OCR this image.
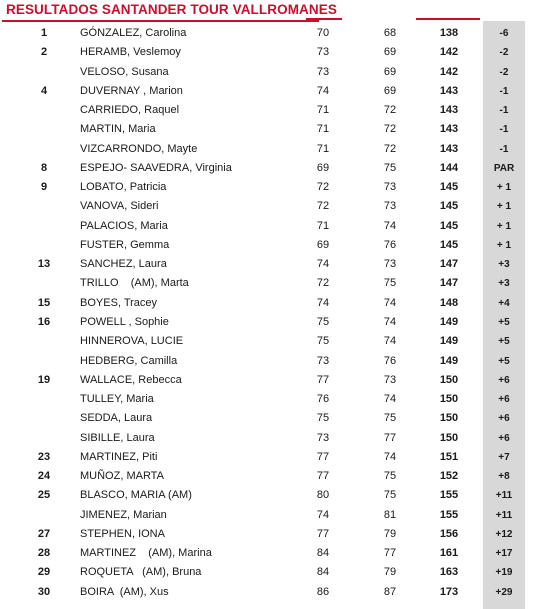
RESULTADOS SANTANDER TOUR VALLROMANES
1	GÓNZALEZ, Carolina	70	68	138	-6
2	HERAMB, Veslemoy	73	69	142	-2
VELOSO, Susana	73	69	142	-2
4	DUVERNAY , Marion	74	69	143	-1
CARRIEDO, Raquel	71	72	143	-1
MARTIN, Maria	71	72	143	-1
VIZCARRONDO, Mayte	71	72	143	-1
8	ESPEJO- SAAVEDRA, Virginia	69	75	144	PAR
9	LOBATO, Patricia	72	73	145	+ 1
VANOVA, Sideri	72	73	145	+ 1
PALACIOS, Maria	71	74	145	+ 1
FUSTER, Gemma	69	76	145	+ 1
13	SANCHEZ, Laura	74	73	147	+3
TRILLO    (AM), Marta	72	75	147	+3
15	BOYES, Tracey	74	74	148	+4
16	POWELL , Sophie	75	74	149	+5
HINNEROVA, LUCIE	75	74	149	+5
HEDBERG, Camilla	73	76	149	+5
19	WALLACE, Rebecca	77	73	150	+6
TULLEY, Maria	76	74	150	+6
SEDDA, Laura	75	75	150	+6
SIBILLE, Laura	73	77	150	+6
23	MARTINEZ, Piti	77	74	151	+7
24	MUÑOZ, MARTA	77	75	152	+8
25	BLASCO, MARIA (AM)	80	75	155	+11
JIMENEZ, Marian	74	81	155	+11
27	STEPHEN, IONA	77	79	156	+12
28	MARTINEZ    (AM), Marina	84	77	161	+17
29	ROQUETA   (AM), Bruna	84	79	163	+19
30	BOIRA  (AM), Xus	86	87	173	+29
